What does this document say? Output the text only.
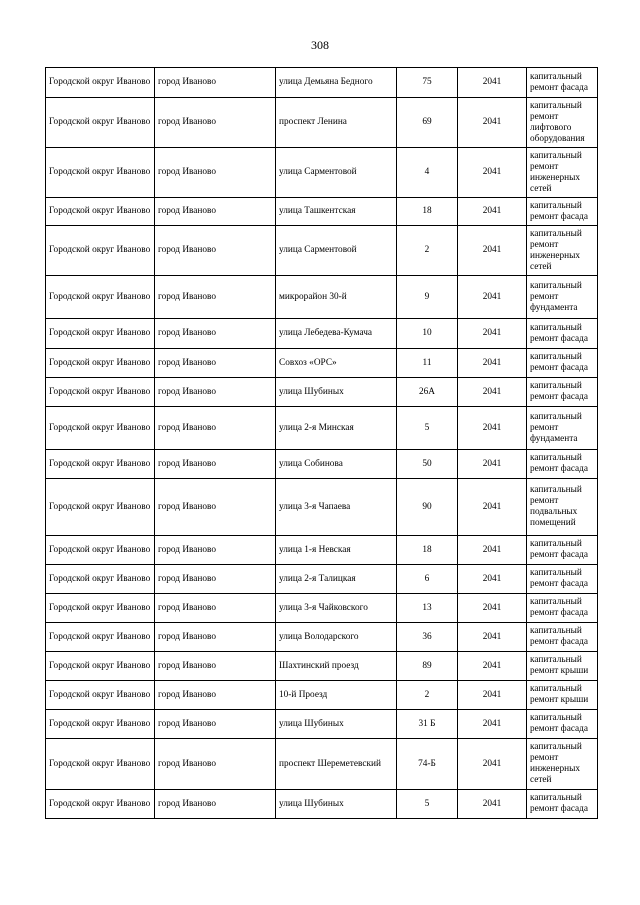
308
Городской округ Иваново	город Иваново	улица Демьяна Бедного	75	2041	капитальный ремонт фасада
Городской округ Иваново	город Иваново	проспект Ленина	69	2041	капитальный ремонт лифтового оборудования
Городской округ Иваново	город Иваново	улица Сарментовой	4	2041	капитальный ремонт инженерных сетей
Городской округ Иваново	город Иваново	улица Ташкентская	18	2041	капитальный ремонт фасада
Городской округ Иваново	город Иваново	улица Сарментовой	2	2041	капитальный ремонт инженерных сетей
Городской округ Иваново	город Иваново	микрорайон 30-й	9	2041	капитальный ремонт фундамента
Городской округ Иваново	город Иваново	улица Лебедева-Кумача	10	2041	капитальный ремонт фасада
Городской округ Иваново	город Иваново	Совхоз «ОРС»	11	2041	капитальный ремонт фасада
Городской округ Иваново	город Иваново	улица Шубиных	26А	2041	капитальный ремонт фасада
Городской округ Иваново	город Иваново	улица 2-я Минская	5	2041	капитальный ремонт фундамента
Городской округ Иваново	город Иваново	улица Собинова	50	2041	капитальный ремонт фасада
Городской округ Иваново	город Иваново	улица 3-я Чапаева	90	2041	капитальный ремонт подвальных помещений
Городской округ Иваново	город Иваново	улица 1-я Невская	18	2041	капитальный ремонт фасада
Городской округ Иваново	город Иваново	улица 2-я Талицкая	6	2041	капитальный ремонт фасада
Городской округ Иваново	город Иваново	улица 3-я Чайковского	13	2041	капитальный ремонт фасада
Городской округ Иваново	город Иваново	улица Володарского	36	2041	капитальный ремонт фасада
Городской округ Иваново	город Иваново	Шахтинский проезд	89	2041	капитальный ремонт крыши
Городской округ Иваново	город Иваново	10-й Проезд	2	2041	капитальный ремонт крыши
Городской округ Иваново	город Иваново	улица Шубиных	31 Б	2041	капитальный ремонт фасада
Городской округ Иваново	город Иваново	проспект Шереметевский	74-Б	2041	капитальный ремонт инженерных сетей
Городской округ Иваново	город Иваново	улица Шубиных	5	2041	капитальный ремонт фасада
